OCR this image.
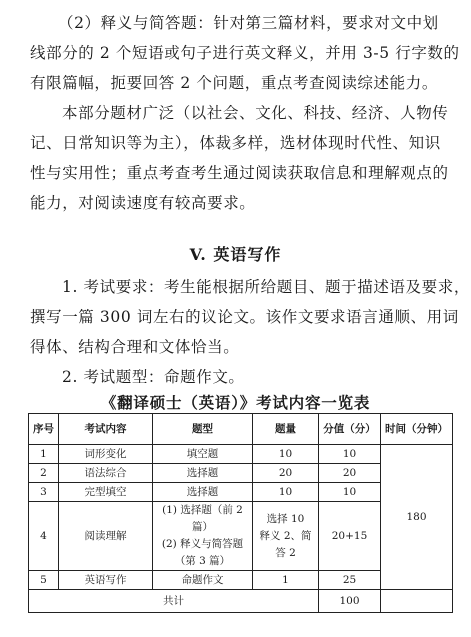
（2）释义与简答题：针对第三篇材料，要求对文中划
线部分的 2 个短语或句子进行英文释义，并用 3-5 行字数的
有限篇幅，扼要回答 2 个问题，重点考查阅读综述能力。
本部分题材广泛（以社会、文化、科技、经济、人物传
记、日常知识等为主），体裁多样，选材体现时代性、知识
性与实用性；重点考查考生通过阅读获取信息和理解观点的
能力，对阅读速度有较高要求。
V. 英语写作
1. 考试要求：考生能根据所给题目、题于描述语及要求，
撰写一篇 300 词左右的议论文。该作文要求语言通顺、用词
得体、结构合理和文体恰当。
2. 考试题型：命题作文。
《翻译硕士（英语）》考试内容一览表
序号	考试内容	题型	题量	分值（分）	时间（分钟）
1	词形变化	填空题	10	10	180
2	语法综合	选择题	20	20	
3	完型填空	选择题	10	10	
4	阅读理解	(1) 选择题（前 2 篇）
(2) 释义与简答题
（第 3 篇）	选择 10
释义 2、简
答 2	20+15	
5	英语写作	命题作文	1	25	
共计				100	
